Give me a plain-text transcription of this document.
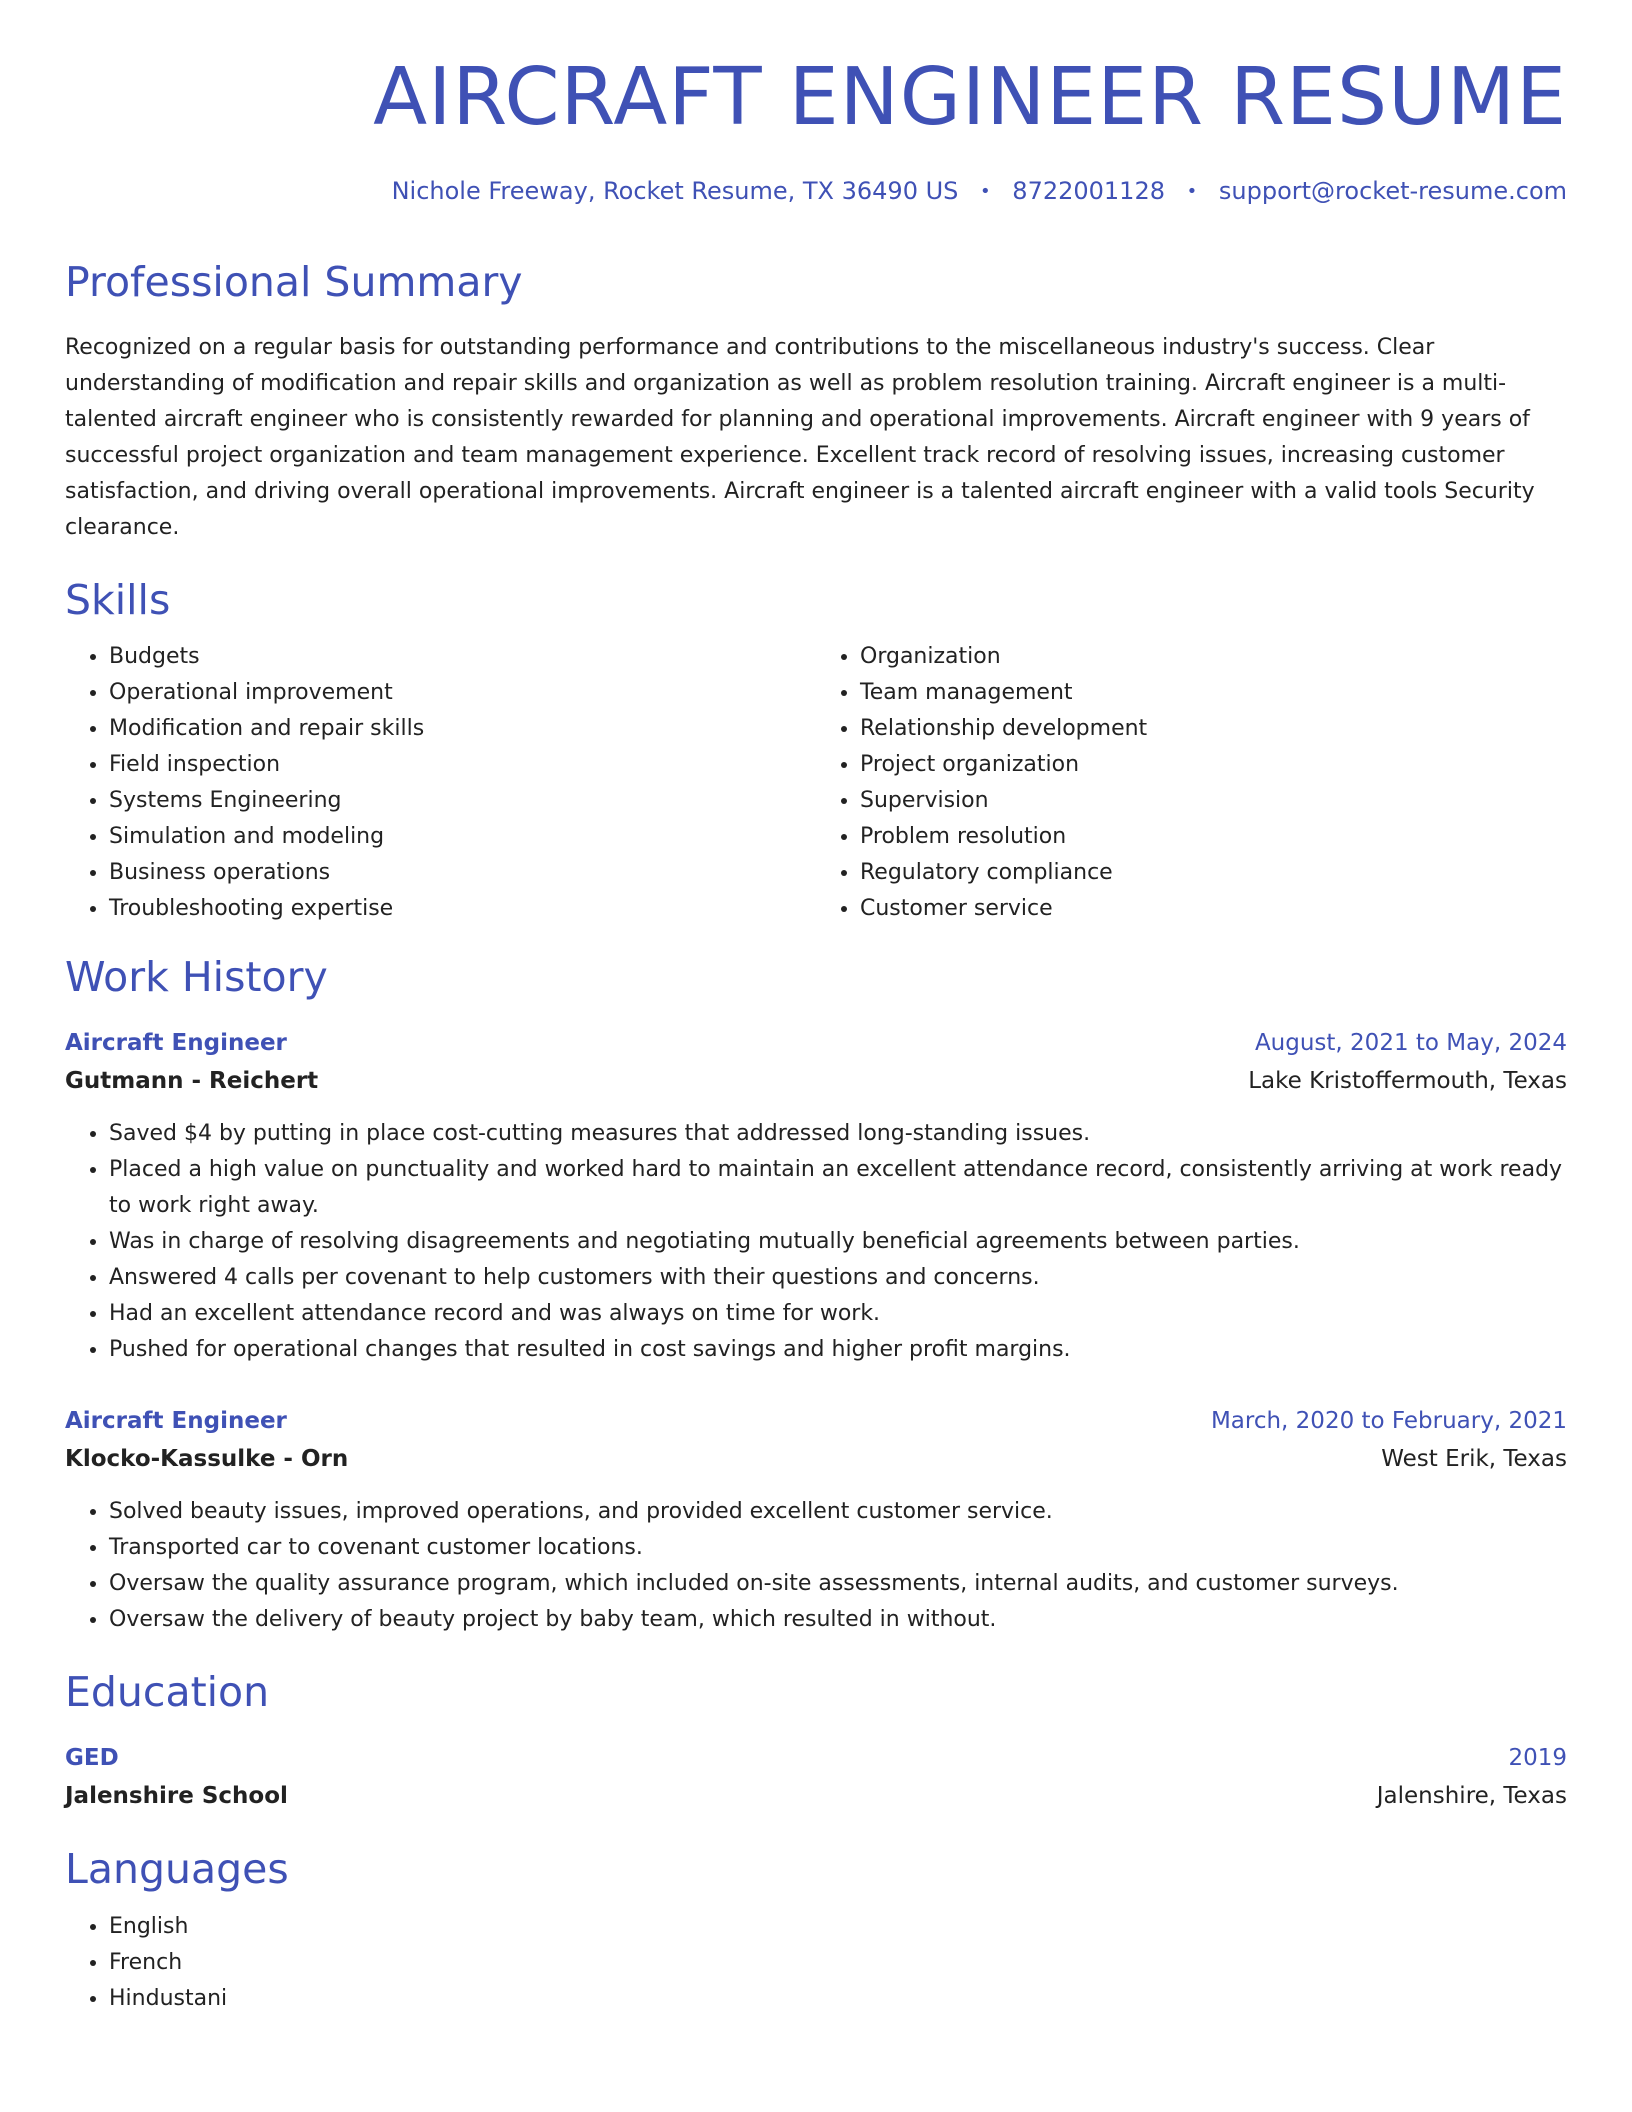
AIRCRAFT ENGINEER RESUME
Nichole Freeway, Rocket Resume, TX 36490 US • 8722001128 • support@rocket-resume.com
Professional Summary

Recognized on a regular basis for outstanding performance and contributions to the miscellaneous industry's success. Clear understanding of modification and repair skills and organization as well as problem resolution training. Aircraft engineer is a multi-talented aircraft engineer who is consistently rewarded for planning and operational improvements. Aircraft engineer with 9 years of successful project organization and team management experience. Excellent track record of resolving issues, increasing customer satisfaction, and driving overall operational improvements. Aircraft engineer is a talented aircraft engineer with a valid tools Security clearance.

Skills
• Budgets
• Operational improvement
• Modification and repair skills
• Field inspection
• Systems Engineering
• Simulation and modeling
• Business operations
• Troubleshooting expertise
• Organization
• Team management
• Relationship development
• Project organization
• Supervision
• Problem resolution
• Regulatory compliance
• Customer service
Work History
Aircraft Engineer	August, 2021 to May, 2024
Gutmann - Reichert	Lake Kristoffermouth, Texas
• Saved $4 by putting in place cost-cutting measures that addressed long-standing issues.
• Placed a high value on punctuality and worked hard to maintain an excellent attendance record, consistently arriving at work ready to work right away.
• Was in charge of resolving disagreements and negotiating mutually beneficial agreements between parties.
• Answered 4 calls per covenant to help customers with their questions and concerns.
• Had an excellent attendance record and was always on time for work.
• Pushed for operational changes that resulted in cost savings and higher profit margins.
Aircraft Engineer	March, 2020 to February, 2021
Klocko-Kassulke - Orn	West Erik, Texas
• Solved beauty issues, improved operations, and provided excellent customer service.
• Transported car to covenant customer locations.
• Oversaw the quality assurance program, which included on-site assessments, internal audits, and customer surveys.
• Oversaw the delivery of beauty project by baby team, which resulted in without.
Education
GED	2019
Jalenshire School	Jalenshire, Texas
Languages
• English
• French
• Hindustani
